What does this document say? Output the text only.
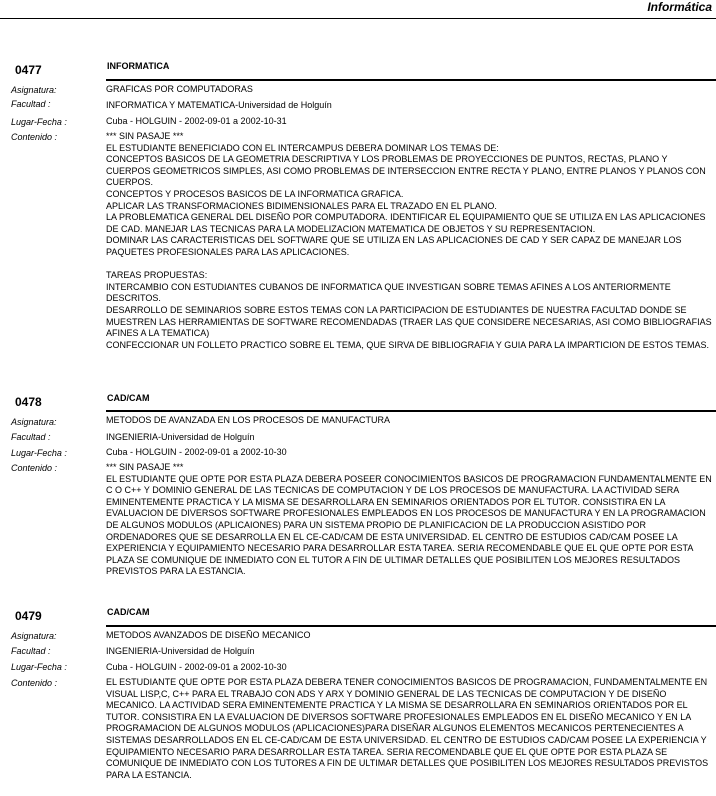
Informática
0477	INFORMATICA
Asignatura:	GRAFICAS POR COMPUTADORAS
Facultad :	INFORMATICA Y MATEMATICA-Universidad de Holguín
Lugar-Fecha :	Cuba - HOLGUIN - 2002-09-01 a 2002-10-31
Contenido :	*** SIN PASAJE ***
EL ESTUDIANTE BENEFICIADO CON EL INTERCAMPUS DEBERA DOMINAR LOS TEMAS DE:
CONCEPTOS BASICOS DE LA GEOMETRIA DESCRIPTIVA Y LOS PROBLEMAS DE PROYECCIONES DE PUNTOS, RECTAS, PLANO Y CUERPOS GEOMETRICOS SIMPLES, ASI COMO PROBLEMAS DE INTERSECCION ENTRE RECTA Y PLANO, ENTRE PLANOS Y PLANOS CON CUERPOS.
CONCEPTOS Y PROCESOS BASICOS DE LA INFORMATICA GRAFICA.
APLICAR LAS TRANSFORMACIONES BIDIMENSIONALES PARA EL TRAZADO EN EL PLANO.
LA PROBLEMATICA GENERAL DEL DISEÑO POR COMPUTADORA. IDENTIFICAR EL EQUIPAMIENTO QUE SE UTILIZA EN LAS APLICACIONES DE CAD. MANEJAR LAS TECNICAS PARA LA MODELIZACION MATEMATICA DE OBJETOS Y SU REPRESENTACION.
DOMINAR LAS CARACTERISTICAS DEL SOFTWARE QUE SE UTILIZA EN LAS APLICACIONES DE CAD Y SER CAPAZ DE MANEJAR LOS PAQUETES PROFESIONALES PARA LAS APLICACIONES.

TAREAS PROPUESTAS:
INTERCAMBIO CON ESTUDIANTES CUBANOS DE INFORMATICA QUE INVESTIGAN SOBRE TEMAS AFINES A LOS ANTERIORMENTE DESCRITOS.
DESARROLLO DE SEMINARIOS SOBRE ESTOS TEMAS CON LA PARTICIPACION DE ESTUDIANTES DE NUESTRA FACULTAD DONDE SE MUESTREN LAS HERRAMIENTAS DE SOFTWARE RECOMENDADAS (TRAER LAS QUE CONSIDERE NECESARIAS, ASI COMO BIBLIOGRAFIAS AFINES A LA TEMATICA)
CONFECCIONAR UN FOLLETO PRACTICO SOBRE EL TEMA, QUE SIRVA DE BIBLIOGRAFIA Y GUIA PARA LA IMPARTICION DE ESTOS TEMAS.
0478	CAD/CAM
Asignatura:	METODOS DE AVANZADA EN LOS PROCESOS DE MANUFACTURA
Facultad :	INGENIERIA-Universidad de Holguín
Lugar-Fecha :	Cuba - HOLGUIN - 2002-09-01 a 2002-10-30
Contenido :	*** SIN PASAJE ***
EL ESTUDIANTE QUE OPTE POR ESTA PLAZA DEBERA POSEER CONOCIMIENTOS BASICOS DE PROGRAMACION FUNDAMENTALMENTE EN C O C++ Y DOMINIO GENERAL DE LAS TECNICAS DE COMPUTACION Y DE LOS PROCESOS DE MANUFACTURA. LA ACTIVIDAD SERA EMINENTEMENTE PRACTICA Y LA MISMA SE DESARROLLARA EN SEMINARIOS ORIENTADOS POR EL TUTOR. CONSISTIRA EN LA EVALUACION DE DIVERSOS SOFTWARE PROFESIONALES EMPLEADOS EN LOS PROCESOS DE MANUFACTURA Y EN LA PROGRAMACION DE ALGUNOS MODULOS (APLICAIONES) PARA UN SISTEMA PROPIO DE PLANIFICACION DE LA PRODUCCION ASISTIDO POR ORDENADORES QUE SE DESARROLLA EN EL CE-CAD/CAM DE ESTA UNIVERSIDAD. EL CENTRO DE ESTUDIOS CAD/CAM POSEE LA EXPERIENCIA Y EQUIPAMIENTO NECESARIO PARA DESARROLLAR ESTA TAREA. SERIA RECOMENDABLE QUE EL QUE OPTE POR ESTA PLAZA SE COMUNIQUE DE INMEDIATO CON EL TUTOR A FIN DE ULTIMAR DETALLES QUE POSIBILITEN LOS MEJORES RESULTADOS PREVISTOS PARA LA ESTANCIA.
0479	CAD/CAM
Asignatura:	METODOS AVANZADOS DE DISEÑO MECANICO
Facultad :	INGENIERIA-Universidad de Holguín
Lugar-Fecha :	Cuba - HOLGUIN - 2002-09-01 a 2002-10-30
Contenido :	EL ESTUDIANTE QUE OPTE POR ESTA PLAZA DEBERA TENER CONOCIMIENTOS BASICOS DE PROGRAMACION, FUNDAMENTALMENTE EN VISUAL LISP,C, C++ PARA EL TRABAJO CON ADS Y ARX Y DOMINIO GENERAL DE LAS TECNICAS DE COMPUTACION Y DE DISEÑO MECANICO. LA ACTIVIDAD SERA EMINENTEMENTE PRACTICA Y LA MISMA SE DESARROLLARA EN SEMINARIOS ORIENTADOS POR EL TUTOR. CONSISTIRA EN LA EVALUACION DE DIVERSOS SOFTWARE PROFESIONALES EMPLEADOS EN EL DISEÑO MECANICO Y EN LA PROGRAMACION DE ALGUNOS MODULOS (APLICACIONES)PARA DISEÑAR ALGUNOS ELEMENTOS MECANICOS PERTENECIENTES A SISTEMAS DESARROLLADOS EN EL CE-CAD/CAM DE ESTA UNIVERSIDAD. EL CENTRO DE ESTUDIOS CAD/CAM POSEE LA EXPERIENCIA Y EQUIPAMIENTO NECESARIO PARA DESARROLLAR ESTA TAREA. SERIA RECOMENDABLE QUE EL QUE OPTE POR ESTA PLAZA SE COMUNIQUE DE INMEDIATO CON LOS TUTORES A FIN DE ULTIMAR DETALLES QUE POSIBILITEN LOS MEJORES RESULTADOS PREVISTOS PARA LA ESTANCIA.
